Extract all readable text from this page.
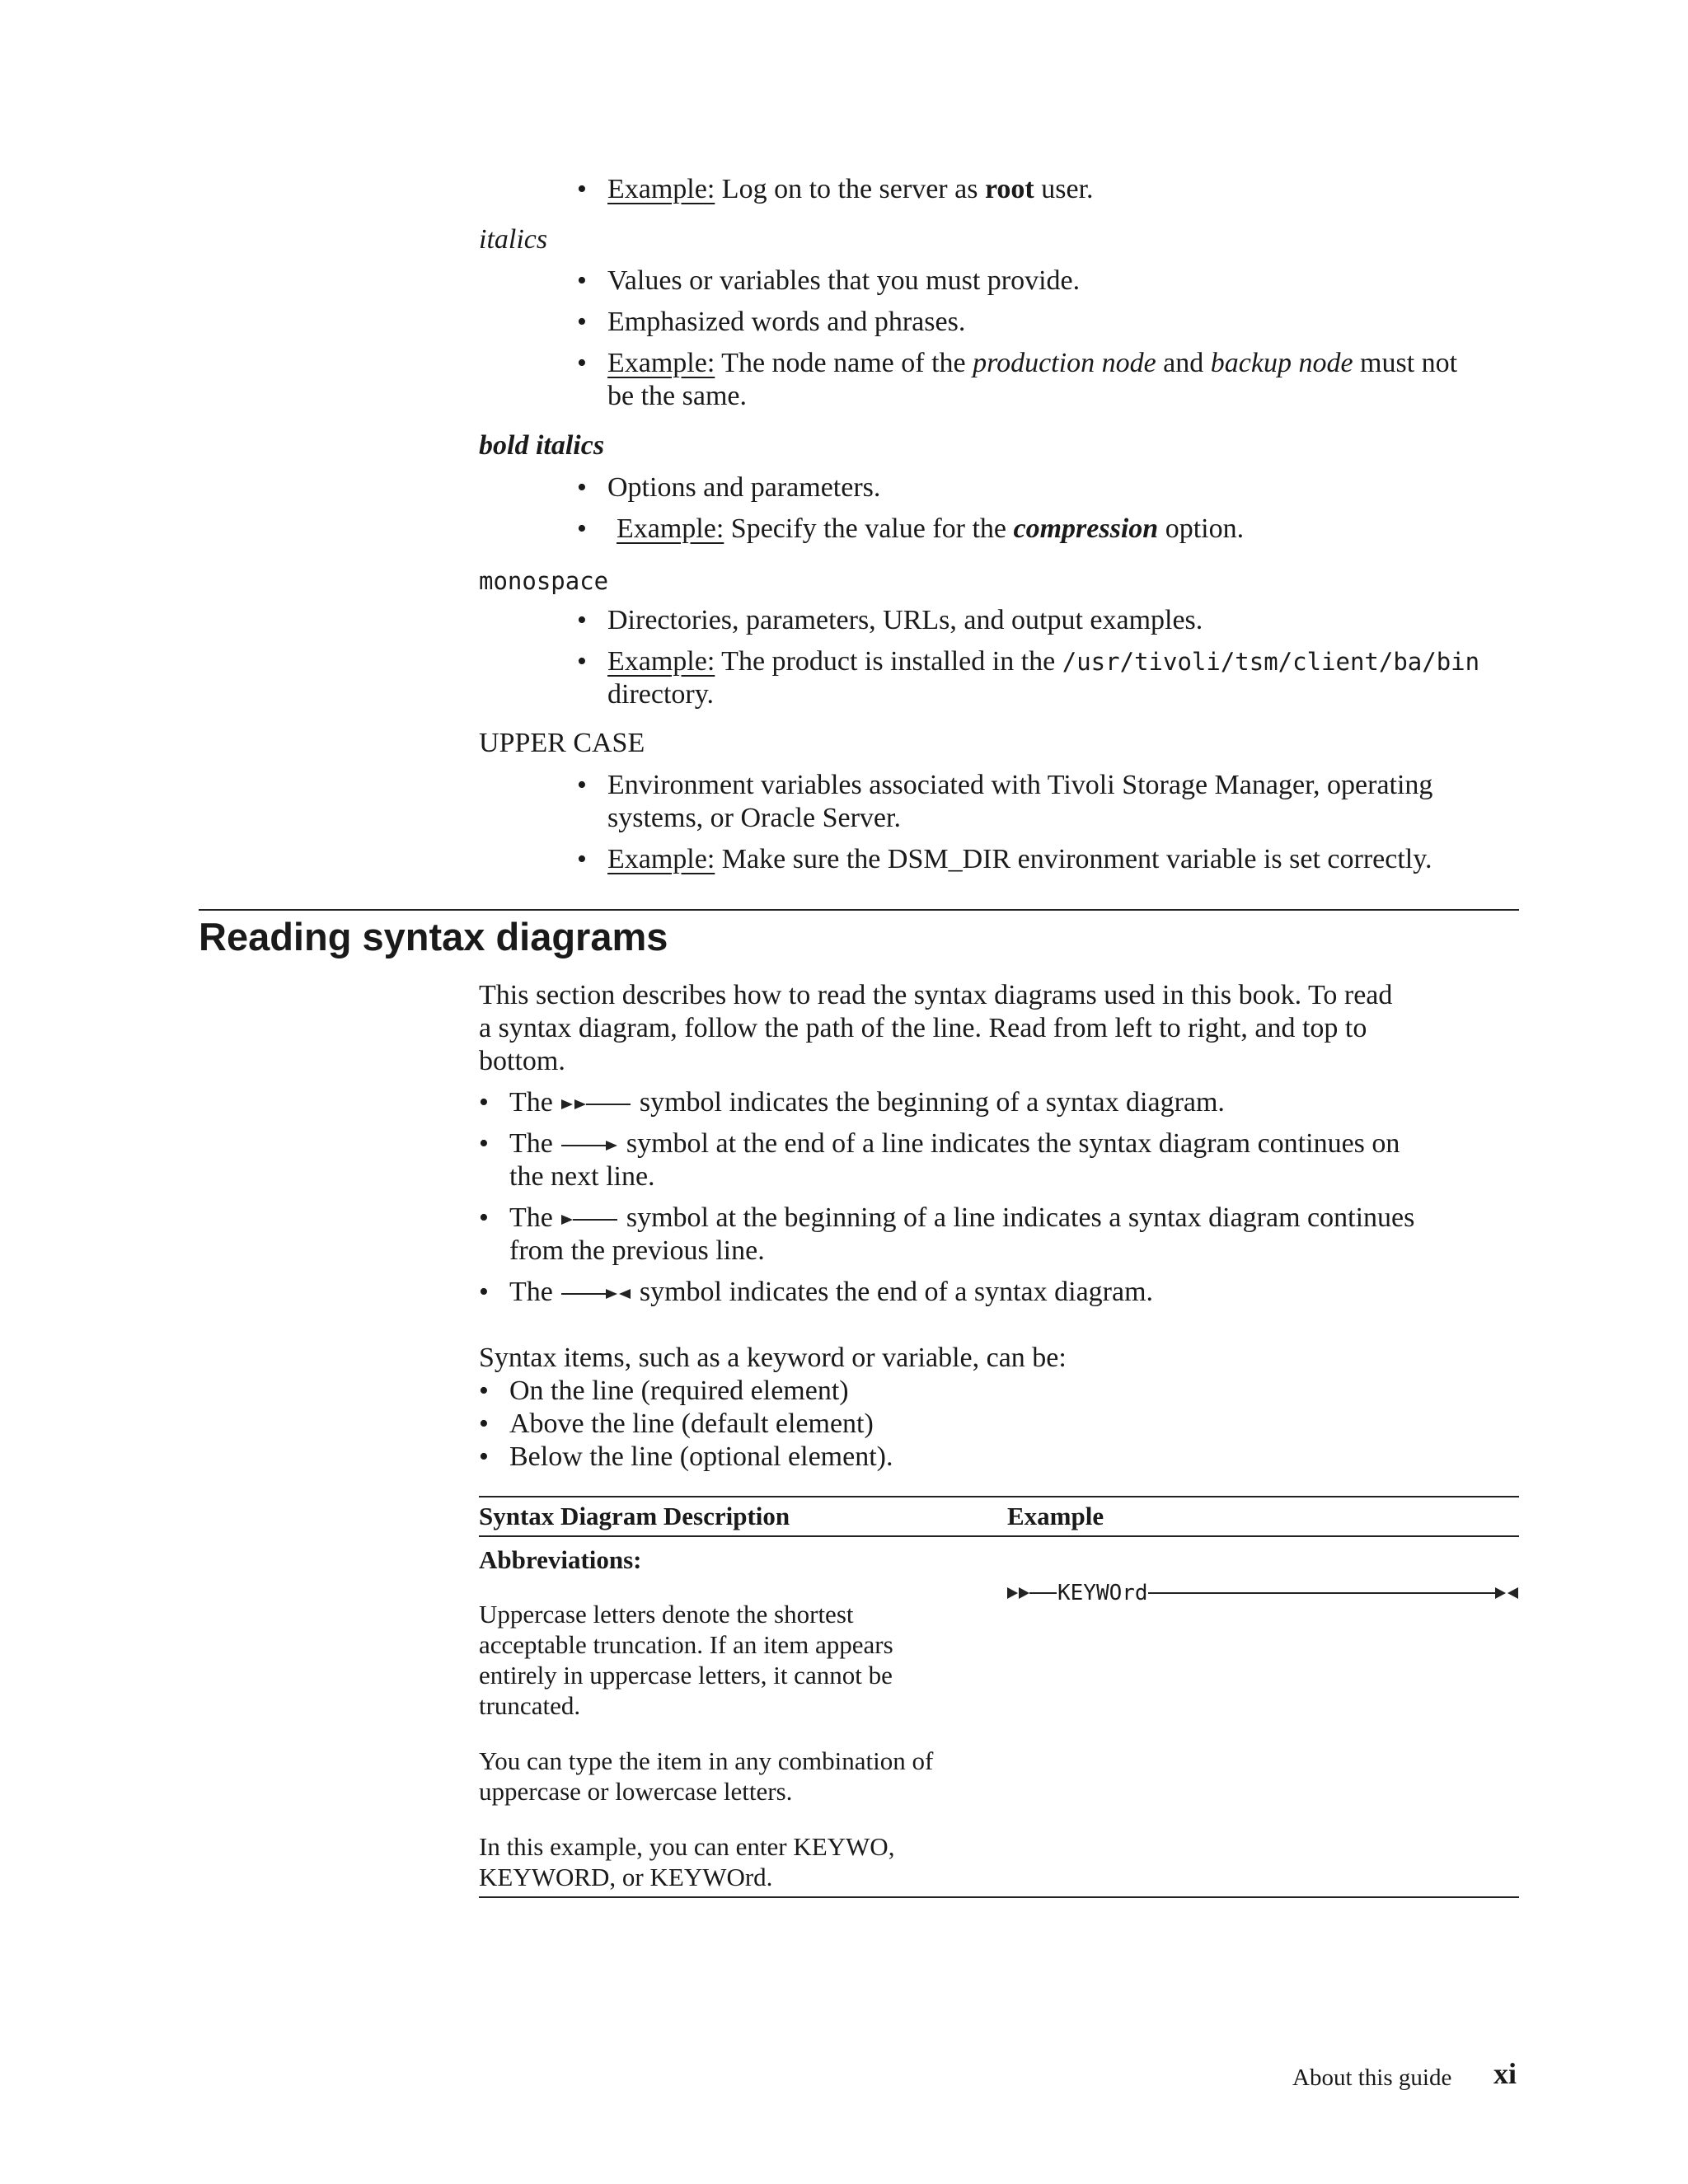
• Example: Log on to the server as root user.
italics
• Values or variables that you must provide.
• Emphasized words and phrases.
• Example: The node name of the production node and backup node must not
be the same.
bold italics
• Options and parameters.
• Example: Specify the value for the compression option.
monospace
• Directories, parameters, URLs, and output examples.
• Example: The product is installed in the /usr/tivoli/tsm/client/ba/bin
directory.
UPPER CASE
• Environment variables associated with Tivoli Storage Manager, operating
systems, or Oracle Server.
• Example: Make sure the DSM_DIR environment variable is set correctly.
Reading syntax diagrams
This section describes how to read the syntax diagrams used in this book. To read
a syntax diagram, follow the path of the line. Read from left to right, and top to
bottom.
• The	symbol indicates the beginning of a syntax diagram.
• The	symbol at the end of a line indicates the syntax diagram continues on
the next line.
• The	symbol at the beginning of a line indicates a syntax diagram continues
from the previous line.
• The	symbol indicates the end of a syntax diagram.
Syntax items, such as a keyword or variable, can be:
• On the line (required element)
• Above the line (default element)
• Below the line (optional element).
Syntax Diagram Description	Example
Abbreviations:
Uppercase letters denote the shortest
acceptable truncation. If an item appears
entirely in uppercase letters, it cannot be
truncated.
You can type the item in any combination of
uppercase or lowercase letters.
In this example, you can enter KEYWO,
KEYWORD, or KEYWOrd.
KEYWOrd
About this guide xi
